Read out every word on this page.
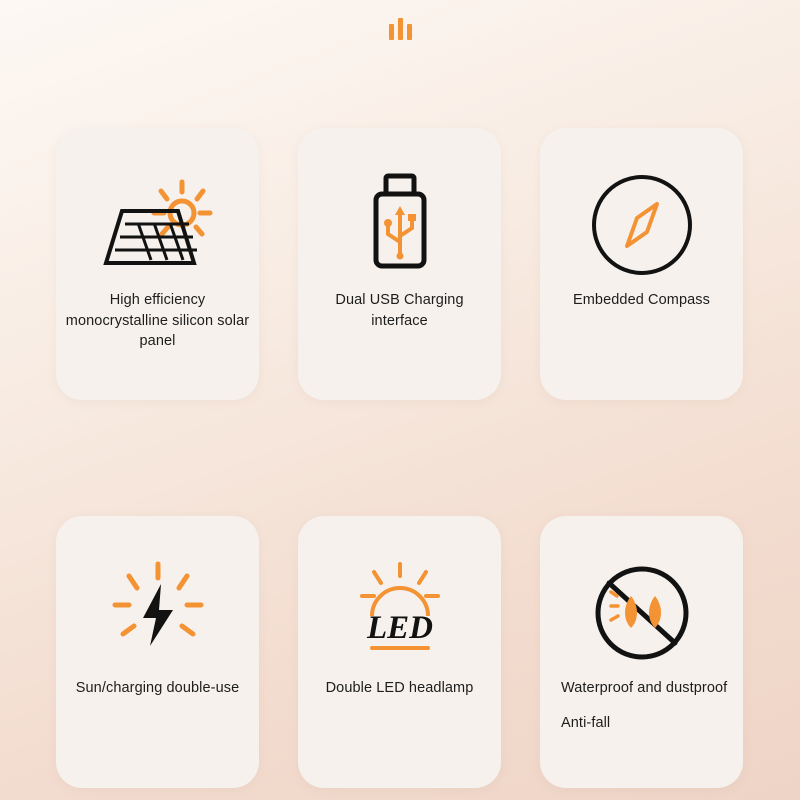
High efficiency monocrystalline silicon solar panel
Dual USB Charging interface
Embedded Compass
Sun/charging double-use
LED
Double LED headlamp	Waterproof and dustproof
Anti-fall
